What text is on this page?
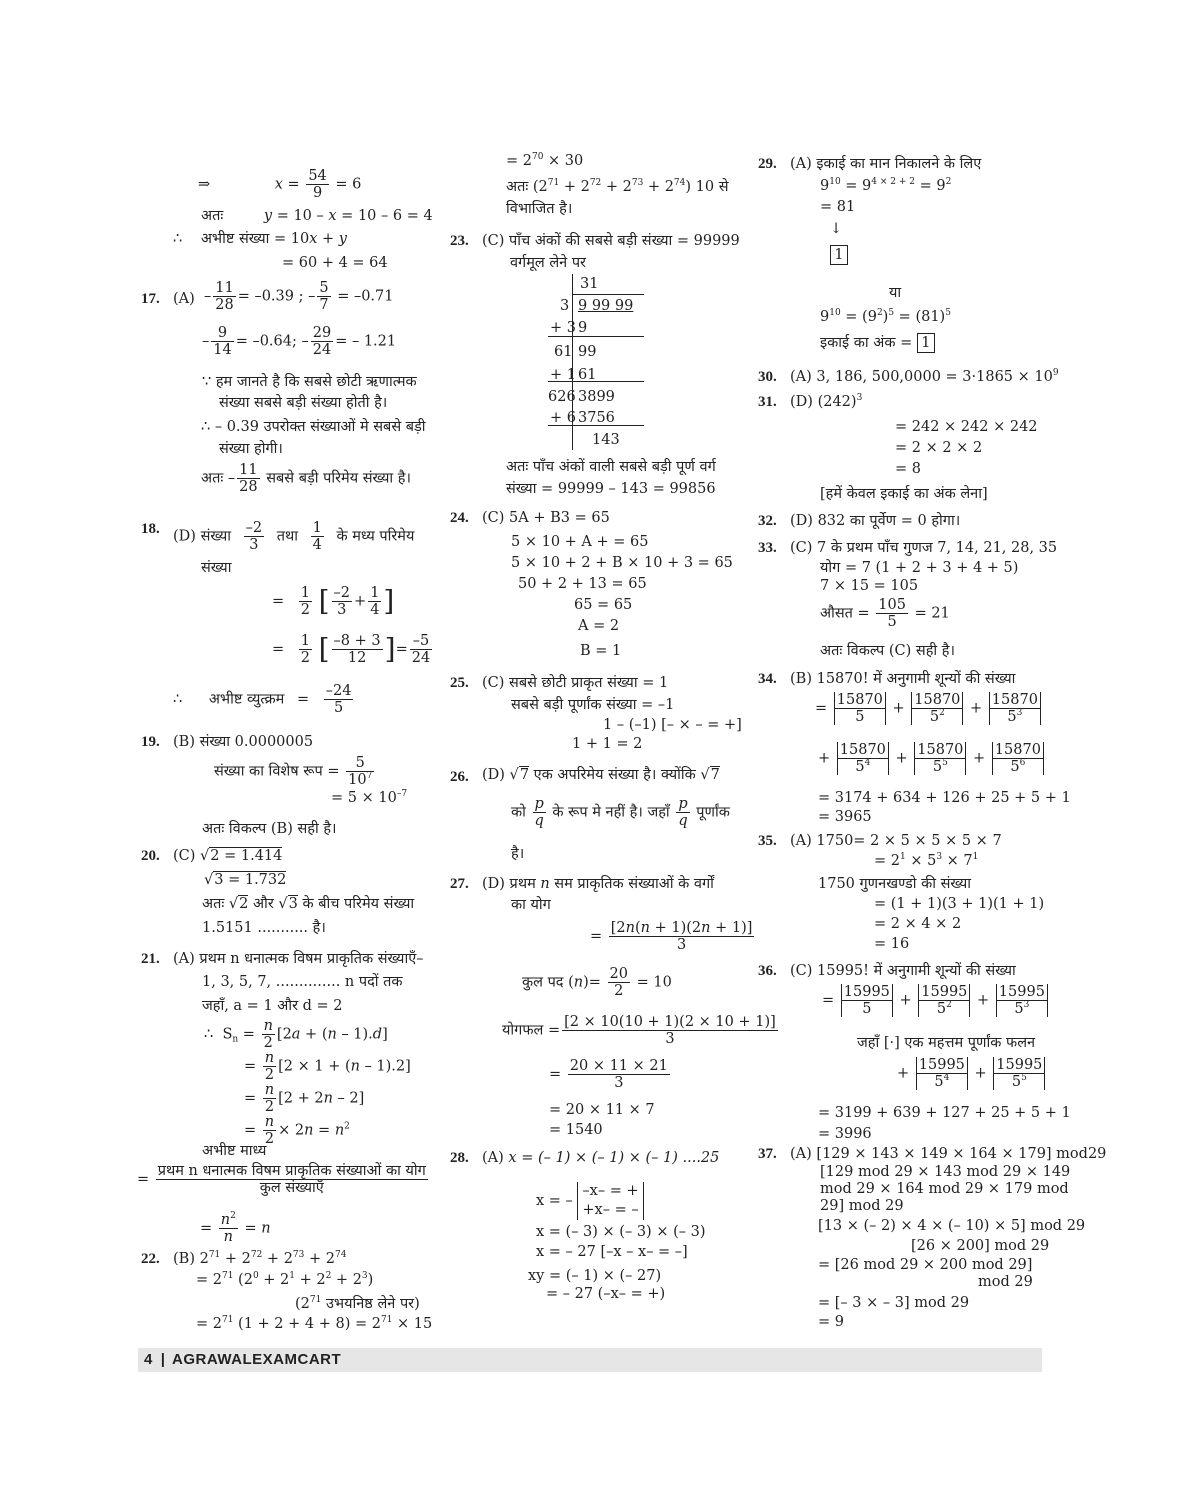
⇒	$x = \frac{54}{9} = 6$
अतः y = 10 – x = 10 – 6 = 4
∴ अभीष्ट संख्या = 10x + y
= 60 + 4 = 64
17. $(A) - \frac{11}{28} = -0.39$ ; – $\frac{5}{7} = -0.71$
– $\frac{9}{14} = -0.64$; – $\frac{29}{24}$ = – 1.21
∵ हम जानते है कि सबसे छोटी ऋणात्मक
संख्या सबसे बड़ी संख्या होती है।
∴ – 0.39 उपरोक्त संख्याओं मे सबसे बड़ी
संख्या होगी।
अतः – $\frac{11}{28}$ सबसे बड़ी परिमेय संख्या है।
18. (D) संख्या $\frac{-2}{3}$ तथा $\frac{1}{4}$ के मध्य परिमेय
संख्या
= $\frac{1}{2}$ [ $\frac{-2}{3} + \frac{1}{4}$ ]
= $\frac{1}{2}$ [ $\frac{-8 + 3}{12}$ ]= $\frac{-5}{24}$
∴ अभीष्ट व्युत्क्रम = $\frac{-24}{5}$
19. (B) संख्या 0.0000005
संख्या का विशेष रूप = $\frac{5}{10^7}$
= $5 \times 10^{-7}$
अतः विकल्प (B) सही है।
20. (C) √2 = 1.414
√3 = 1.732
अतः √2 और √3 के बीच परिमेय संख्या
1.5151 ........... है।
21. (A) प्रथम n धनात्मक विषम प्राकृतिक संख्याएँ–
1, 3, 5, 7, .............. n पदों तक
जहाँ, a = 1 और d = 2
∴  $S_n = \frac{n}{2} [2a + (n - 1).d]$
= $\frac{n}{2} [2 \times 1 + (n - 1).2]$
= $\frac{n}{2} [2 + 2n - 2]$
= $\frac{n}{2} \times 2n = n^2$
अभीष्ट माध्य
=
प्रथम n धनात्मक विषम प्राकृतिक संख्याओं का योग
कुल संख्याएँ
= $\frac{n^2}{n} = n$
22. (B) $2^{71} + 2^{72} + 2^{73} + 2^{74}$
= $2^{71}$ $(2^0 + 2^1 + 2^2 + 2^3)$
($2^{71}$ उभयनिष्ठ लेने पर)
= $2^{71}$ $(1 + 2 + 4 + 8) = 2^{71} \times 15$
= $2^{70} \times 30$
अतः $(2^{71} + 2^{72} + 2^{73} + 2^{74})$ 10 से
विभाजित है।
23. (C) पाँच अंकों की सबसे बड़ी संख्या = 99999
वर्गमूल लेने पर
31
3 9 99 99
+ 3 9
61 99
+ 1 61
626 3899
+ 6 3756
143
अतः पाँच अंकों वाली सबसे बड़ी पूर्ण वर्ग
संख्या = 99999 – 143 = 99856
24. (C) 5A + B3 = 65
5 × 10 + A + = 65
5 × 10 + 2 + B × 10 + 3 = 65
50 + 2 + 13 = 65
65 = 65
A = 2
B = 1
25. (C) सबसे छोटी प्राकृत संख्या = 1
सबसे बड़ी पूर्णांक संख्या = –1
1 – (–1) [– × – = +]
1 + 1 = 2
26. (D) √7 एक अपरिमेय संख्या है। क्योंकि √7
को $\frac{p}{q}$ के रूप मे नहीं है। जहाँ $\frac{p}{q}$ पूर्णांक
है।
27. (D) प्रथम n सम प्राकृतिक संख्याओं के वर्गों
का योग
= $\frac{[2n(n + 1)(2n + 1)]}{3}$
कुल पद $(n)= \frac{20}{2} = 10$
योगफल = $\frac{[2 \times 10(10 + 1)(2 \times 10 + 1)]}{3}$
= $\frac{20 \times 11 \times 21}{3}$
= 20 × 11 × 7
= 1540
28. (A) x = (– 1) × (– 1) × (– 1) ....25
x = –
–x– = +
+x– = –
x = (– 3) × (– 3) × (– 3)
x = – 27 [–x – x– = –]
xy = (– 1) × (– 27)
= – 27 (–x– = +)
29. (A) इकाई का मान निकालने के लिए
$9^{10} = 9^{4 \times 2 + 2} = 9^2$
= 81
↓
1
या
$9^{10} = (9^2)^5 = (81)^5$
इकाई का अंक = 1
30. (A) 3, 186, $500,0000 = 3\cdot 1865 \times 10^9$
31. (D) $(242)^3$
= 242 × 242 × 242
= 2 × 2 × 2
= 8
[हमें केवल इकाई का अंक लेना]
32. (D) 832 का पूर्वेण = 0 होगा।
33. (C) 7 के प्रथम पाँच गुणज 7, 14, 21, 28, 35
योग = 7 (1 + 2 + 3 + 4 + 5)
7 × 15 = 105
औसत = $\frac{105}{5} = 21$
अतः विकल्प (C) सही है।
34. (B) 15870! में अनुगामी शून्यों की संख्या
= $\frac{15870}{5} + \frac{15870}{5^2} + \frac{15870}{5^3}$
+ $\frac{15870}{5^4} + \frac{15870}{5^5} + \frac{15870}{5^6}$
= 3174 + 634 + 126 + 25 + 5 + 1
= 3965
35. (A) 1750= 2 × 5 × 5 × 5 × 7
= $2^1 \times 5^3 \times 7^1$
1750 गुणनखण्डो की संख्या
= (1 + 1)(3 + 1)(1 + 1)
= 2 × 4 × 2
= 16
36. (C) 15995! में अनुगामी शून्यों की संख्या
= $\frac{15995}{5} + \frac{15995}{5^2} + \frac{15995}{5^3}$
जहाँ [·] एक महत्तम पूर्णांक फलन
+ $\frac{15995}{5^4} + \frac{15995}{5^5}$
= 3199 + 639 + 127 + 25 + 5 + 1
= 3996
37. (A) [129 × 143 × 149 × 164 × 179] mod29
[129 mod 29 × 143 mod 29 × 149
mod 29 × 164 mod 29 × 179 mod
29] mod 29
[13 × (– 2) × 4 × (– 10) × 5] mod 29
[26 × 200] mod 29
= [26 mod 29 × 200 mod 29]
mod 29
= [– 3 × – 3] mod 29
= 9
4 | AGRAWALEXAMCART
